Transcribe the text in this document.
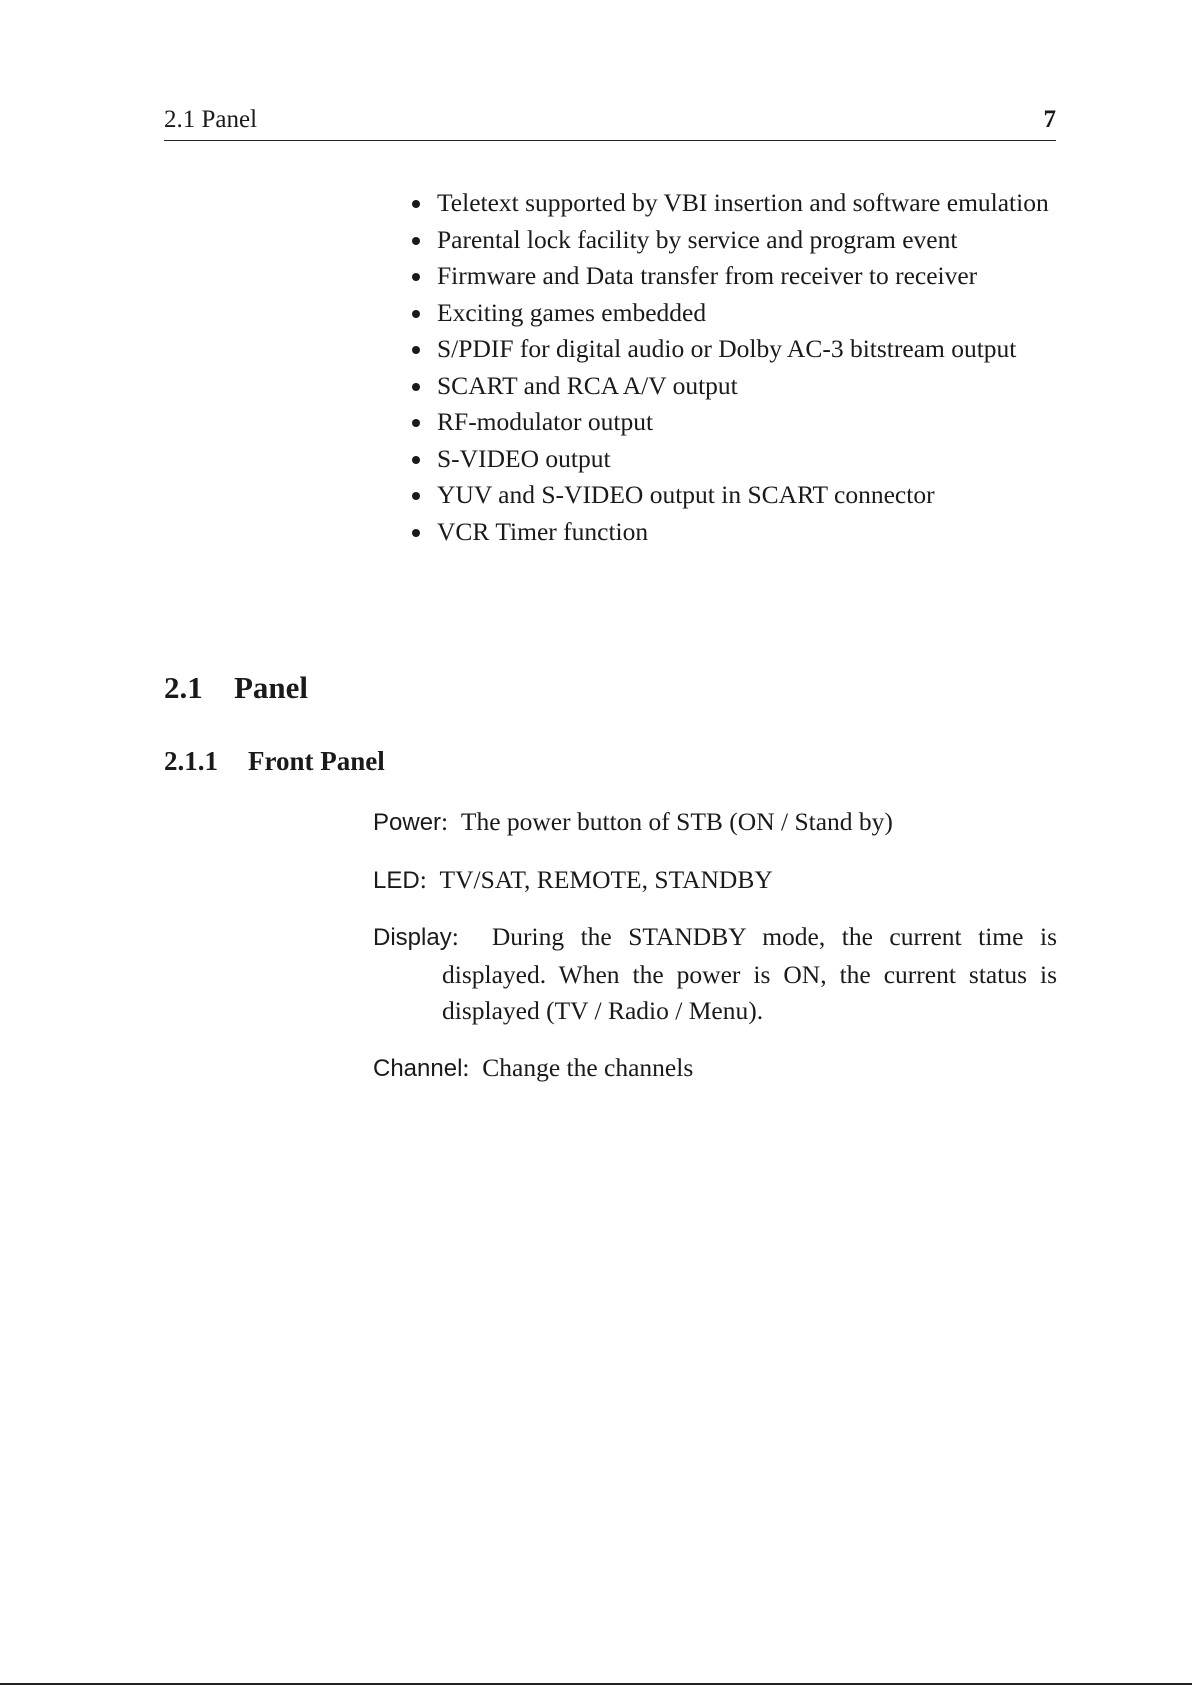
2.1 Panel	7
Teletext supported by VBI insertion and software emulation
Parental lock facility by service and program event
Firmware and Data transfer from receiver to receiver
Exciting games embedded
S/PDIF for digital audio or Dolby AC-3 bitstream output
SCART and RCA A/V output
RF-modulator output
S-VIDEO output
YUV and S-VIDEO output in SCART connector
VCR Timer function
2.1 Panel
2.1.1 Front Panel
Power:  The power button of STB (ON / Stand by)
LED:  TV/SAT, REMOTE, STANDBY
Display:  During the STANDBY mode, the current time is displayed. When the power is ON, the current status is displayed (TV / Radio / Menu).
Channel:  Change the channels
